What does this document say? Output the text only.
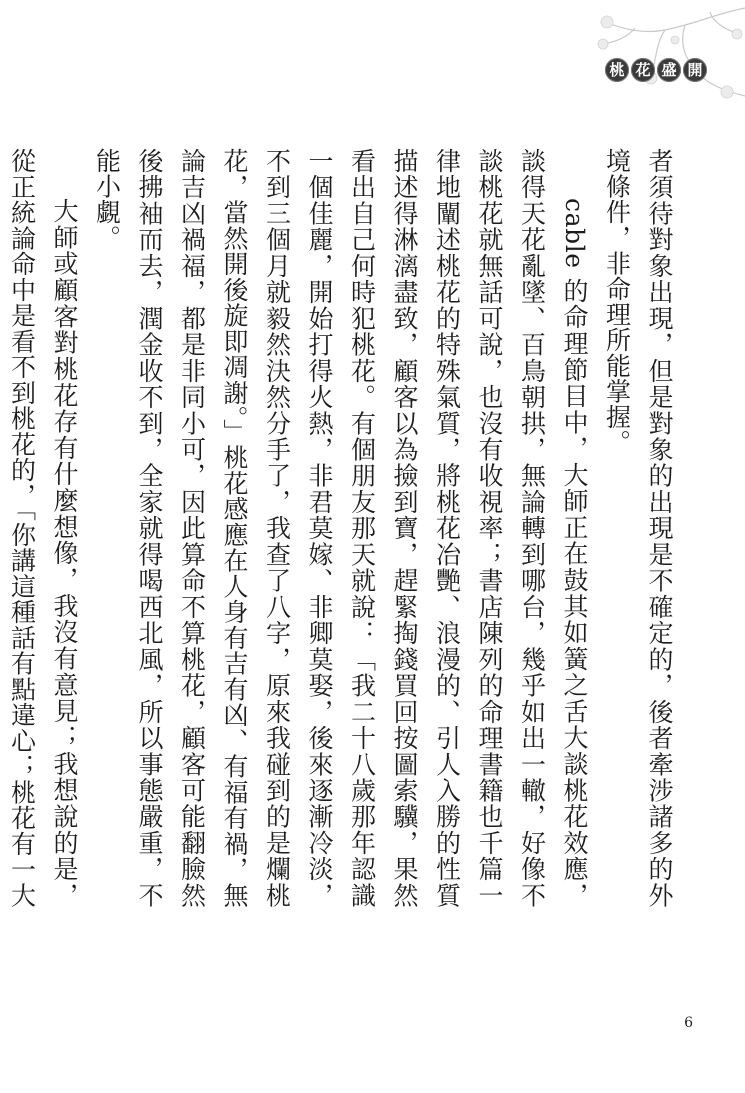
桃 花 盛 開

者須待對象出現，但是對象的出現是不確定的，後者牽涉諸多的外境條件，非命理所能掌握。

cable 的命理節目中，大師正在鼓其如簧之舌大談桃花效應，談得天花亂墜、百鳥朝拱，無論轉到哪台，幾乎如出一轍，好像不談桃花就無話可說，也沒有收視率；書店陳列的命理書籍也千篇一律地闡述桃花的特殊氣質，將桃花冶艷、浪漫的、引人入勝的性質描述得淋漓盡致，顧客以為撿到寶，趕緊掏錢買回按圖索驥，果然看出自己何時犯桃花。有個朋友那天就說：「我二十八歲那年認識一個佳麗，開始打得火熱，非君莫嫁、非卿莫娶，後來逐漸冷淡，不到三個月就毅然決然分手了，我查了八字，原來我碰到的是爛桃花，當然開後旋即凋謝。」桃花感應在人身有吉有凶、有福有禍，無論吉凶禍福，都是非同小可，因此算命不算桃花，顧客可能翻臉然後拂袖而去，潤金收不到，全家就得喝西北風，所以事態嚴重，不能小覷。

大師或顧客對桃花存有什麼想像，我沒有意見；我想說的是，從正統論命中是看不到桃花的，「你講這種話有點違心；桃花有一大

6
